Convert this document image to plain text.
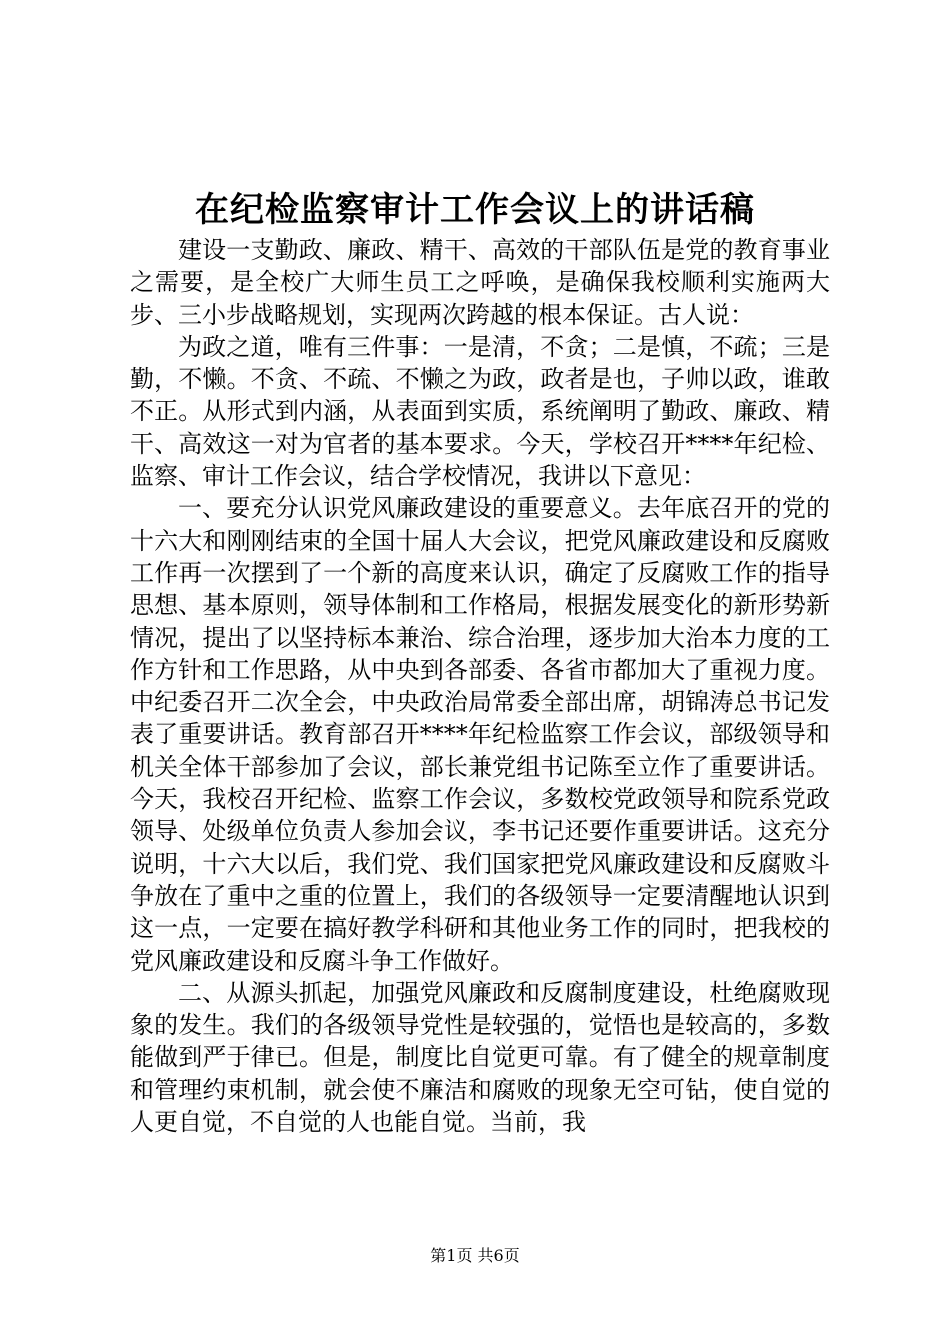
在纪检监察审计工作会议上的讲话稿

建设一支勤政、廉政、精干、高效的干部队伍是党的教育事业之需要，是全校广大师生员工之呼唤，是确保我校顺利实施两大步、三小步战略规划，实现两次跨越的根本保证。古人说：

为政之道，唯有三件事：一是清，不贪；二是慎，不疏；三是勤，不懒。不贪、不疏、不懒之为政，政者是也，子帅以政，谁敢不正。从形式到内涵，从表面到实质，系统阐明了勤政、廉政、精干、高效这一对为官者的基本要求。今天，学校召开****年纪检、监察、审计工作会议，结合学校情况，我讲以下意见：

一、要充分认识党风廉政建设的重要意义。去年底召开的党的十六大和刚刚结束的全国十届人大会议，把党风廉政建设和反腐败工作再一次摆到了一个新的高度来认识，确定了反腐败工作的指导思想、基本原则，领导体制和工作格局，根据发展变化的新形势新情况，提出了以坚持标本兼治、综合治理，逐步加大治本力度的工作方针和工作思路，从中央到各部委、各省市都加大了重视力度。中纪委召开二次全会，中央政治局常委全部出席，胡锦涛总书记发表了重要讲话。教育部召开****年纪检监察工作会议，部级领导和机关全体干部参加了会议，部长兼党组书记陈至立作了重要讲话。今天，我校召开纪检、监察工作会议，多数校党政领导和院系党政领导、处级单位负责人参加会议，李书记还要作重要讲话。这充分说明，十六大以后，我们党、我们国家把党风廉政建设和反腐败斗争放在了重中之重的位置上，我们的各级领导一定要清醒地认识到这一点，一定要在搞好教学科研和其他业务工作的同时，把我校的党风廉政建设和反腐斗争工作做好。

二、从源头抓起，加强党风廉政和反腐制度建设，杜绝腐败现象的发生。我们的各级领导党性是较强的，觉悟也是较高的，多数能做到严于律已。但是，制度比自觉更可靠。有了健全的规章制度和管理约束机制，就会使不廉洁和腐败的现象无空可钻，使自觉的人更自觉，不自觉的人也能自觉。当前，我

第1页 共6页
